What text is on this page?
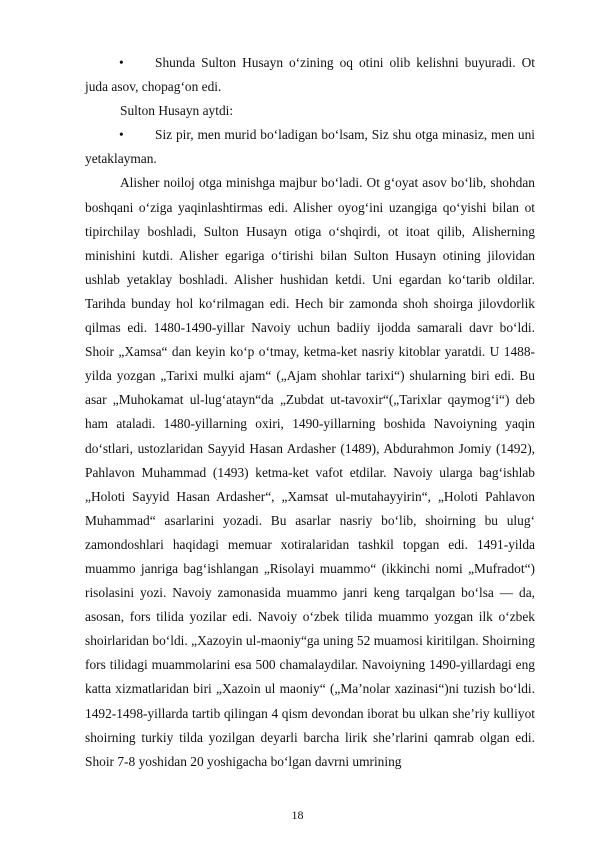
• Shunda Sulton Husayn o‘zining oq otini olib kelishni buyuradi. Ot juda asov, chopag‘on edi.

Sulton Husayn aytdi:

• Siz pir, men murid bo‘ladigan bo‘lsam, Siz shu otga minasiz, men uni yetaklayman.

Alisher noiloj otga minishga majbur bo‘ladi. Ot g‘oyat asov bo‘lib, shohdan boshqani o‘ziga yaqinlashtirmas edi. Alisher oyog‘ini uzangiga qo‘yishi bilan ot tipirchilay boshladi, Sulton Husayn otiga o‘shqirdi, ot itoat qilib, Alisherning minishini kutdi. Alisher egariga o‘tirishi bilan Sulton Husayn otining jilovidan ushlab yetaklay boshladi. Alisher hushidan ketdi. Uni egardan ko‘tarib oldilar. Tarihda bunday hol ko‘rilmagan edi. Hech bir zamonda shoh shoirga jilovdorlik qilmas edi. 1480-1490-yillar Navoiy uchun badiiy ijodda samarali davr bo‘ldi. Shoir „Xamsa“ dan keyin ko‘p o‘tmay, ketma-ket nasriy kitoblar yaratdi. U 1488-yilda yozgan „Tarixi mulki ajam“ („Ajam shohlar tarixi“) shularning biri edi. Bu asar „Muhokamat ul-lug‘atayn“da „Zubdat ut-tavoxir“(„Tarixlar qaymog‘i“) deb ham ataladi. 1480-yillarning oxiri, 1490-yillarning boshida Navoiyning yaqin do‘stlari, ustozlaridan Sayyid Hasan Ardasher (1489), Abdurahmon Jomiy (1492), Pahlavon Muhammad (1493) ketma-ket vafot etdilar. Navoiy ularga bag‘ishlab „Holoti Sayyid Hasan Ardasher“, „Xamsat ul-mutahayyirin“, „Holoti Pahlavon Muhammad“ asarlarini yozadi. Bu asarlar nasriy bo‘lib, shoirning bu ulug‘ zamondoshlari haqidagi memuar xotiralaridan tashkil topgan edi. 1491-yilda muammo janriga bag‘ishlangan „Risolayi muammo“ (ikkinchi nomi „Mufradot“) risolasini yozi. Navoiy zamonasida muammo janri keng tarqalgan bo‘lsa — da, asosan, fors tilida yozilar edi. Navoiy o‘zbek tilida muammo yozgan ilk o‘zbek shoirlaridan bo‘ldi. „Xazoyin ul-maoniy“ga uning 52 muamosi kiritilgan. Shoirning fors tilidagi muammolarini esa 500 chamalaydilar. Navoiyning 1490-yillardagi eng katta xizmatlaridan biri „Xazoin ul maoniy“ („Ma’nolar xazinasi“)ni tuzish bo‘ldi. 1492-1498-yillarda tartib qilingan 4 qism devondan iborat bu ulkan she’riy kulliyot shoirning turkiy tilda yozilgan deyarli barcha lirik she’rlarini qamrab olgan edi. Shoir 7-8 yoshidan 20 yoshigacha bo‘lgan davrni umrining

18
